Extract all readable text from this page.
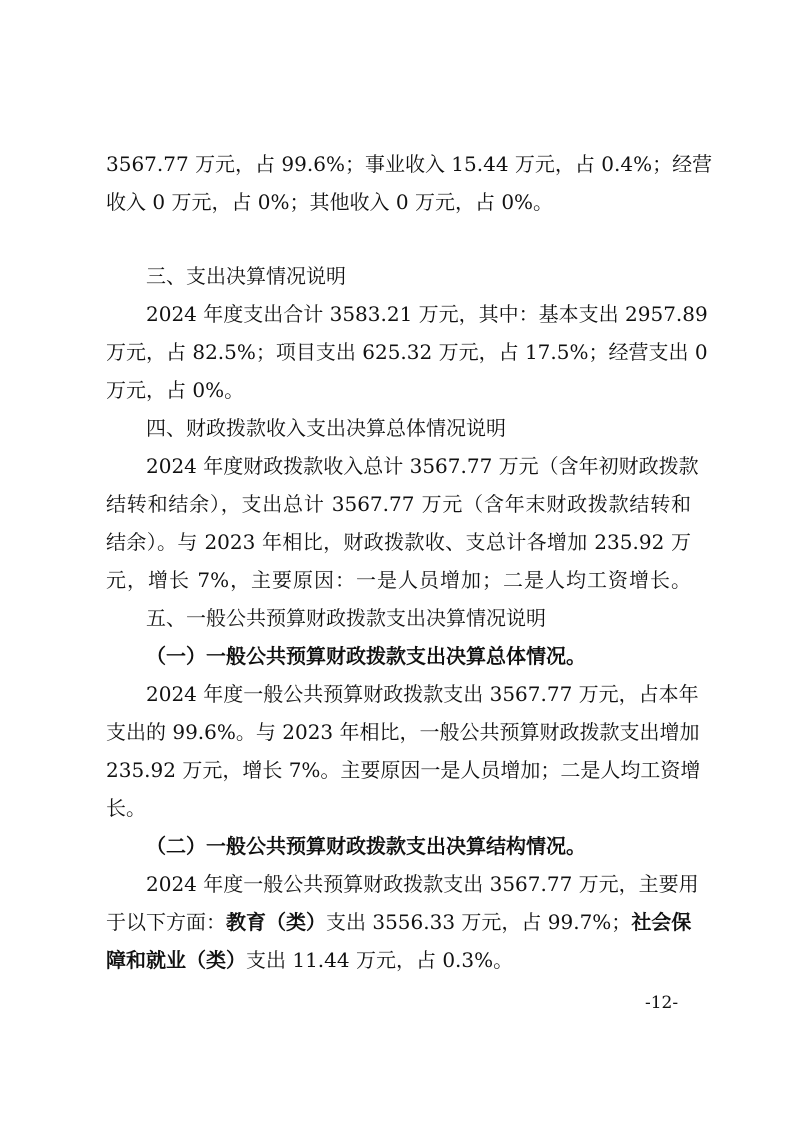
3567.77 万元，占 99.6%；事业收入 15.44 万元，占 0.4%；经营
收入 0 万元，占 0%；其他收入 0 万元，占 0%。
三、支出决算情况说明
2024 年度支出合计 3583.21 万元，其中：基本支出 2957.89
万元，占 82.5%；项目支出 625.32 万元，占 17.5%；经营支出 0
万元，占 0%。
四、财政拨款收入支出决算总体情况说明
2024 年度财政拨款收入总计 3567.77 万元（含年初财政拨款
结转和结余），支出总计 3567.77 万元（含年末财政拨款结转和
结余）。与 2023 年相比，财政拨款收、支总计各增加 235.92 万
元，增长 7%，主要原因：一是人员增加；二是人均工资增长。
五、一般公共预算财政拨款支出决算情况说明
（一）一般公共预算财政拨款支出决算总体情况。
2024 年度一般公共预算财政拨款支出 3567.77 万元，占本年
支出的 99.6%。与 2023 年相比，一般公共预算财政拨款支出增加
235.92 万元，增长 7%。主要原因一是人员增加；二是人均工资增
长。
（二）一般公共预算财政拨款支出决算结构情况。
2024 年度一般公共预算财政拨款支出 3567.77 万元，主要用
于以下方面：教育（类）支出 3556.33 万元，占 99.7%；社会保
障和就业（类）支出 11.44 万元，占 0.3%。
-12-
